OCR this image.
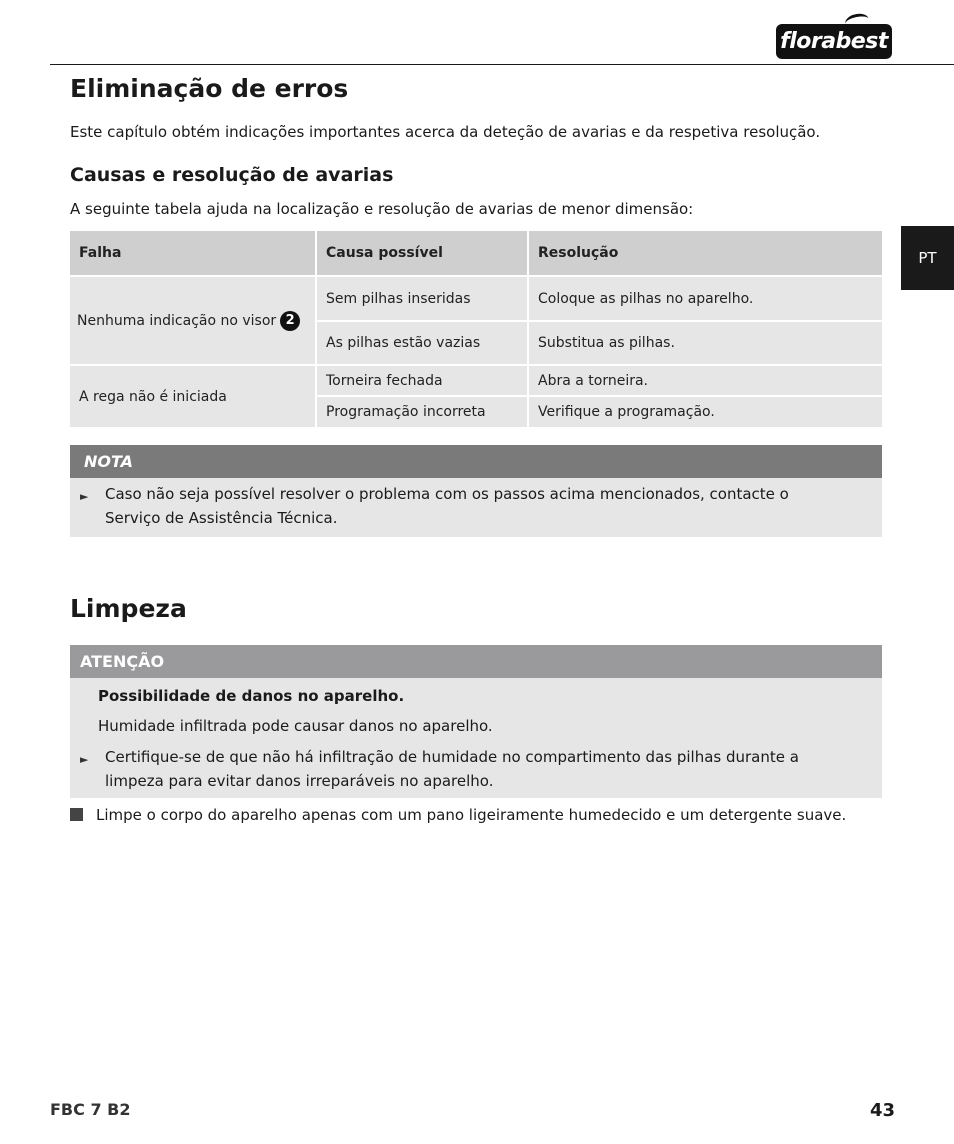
florabest
PT
Eliminação de erros
Este capítulo obtém indicações importantes acerca da deteção de avarias e da respetiva resolução.
Causas e resolução de avarias
A seguinte tabela ajuda na localização e resolução de avarias de menor dimensão:
Falha	Causa possível	Resolução
Nenhuma indicação no visor 2
Sem pilhas inseridas	Coloque as pilhas no aparelho.
As pilhas estão vazias	Substitua as pilhas.
A rega não é iniciada
Torneira fechada	Abra a torneira.
Programação incorreta	Verifique a programação.
NOTA
► Caso não seja possível resolver o problema com os passos acima mencionados, contacte o
Serviço de Assistência Técnica.
Limpeza
ATENÇÃO
Possibilidade de danos no aparelho.
Humidade infiltrada pode causar danos no aparelho.
► Certifique-se de que não há infiltração de humidade no compartimento das pilhas durante a
limpeza para evitar danos irreparáveis no aparelho.
Limpe o corpo do aparelho apenas com um pano ligeiramente humedecido e um detergente suave.
FBC 7 B2	43
